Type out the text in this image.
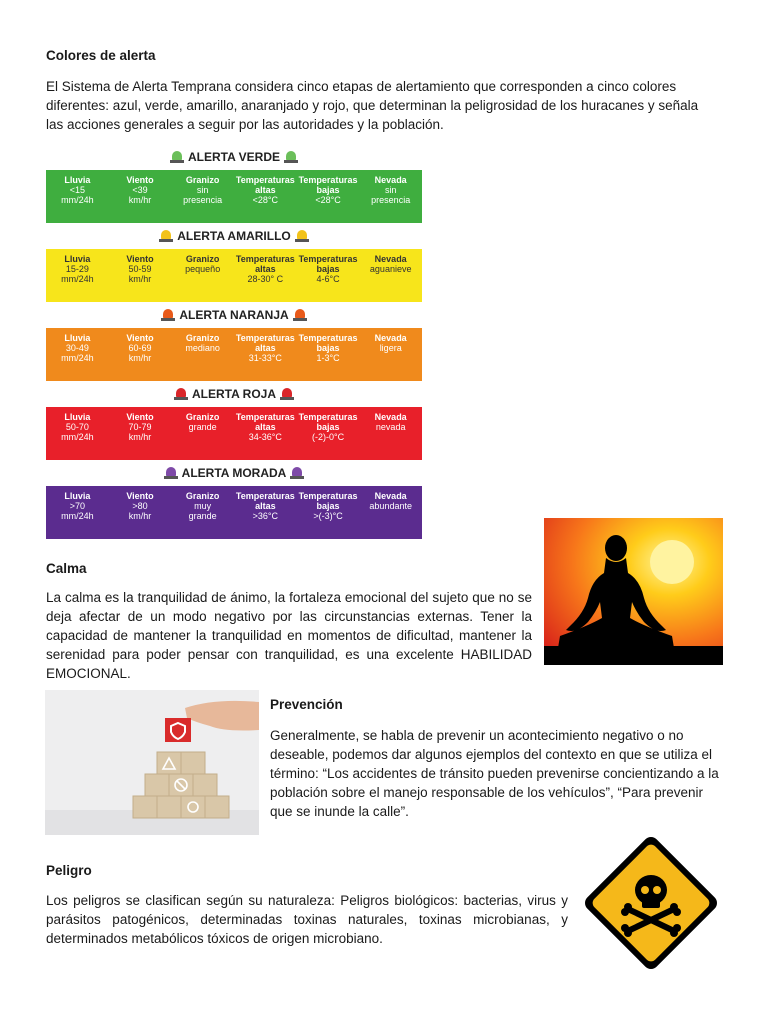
Colores de alerta
El Sistema de Alerta Temprana considera cinco etapas de alertamiento que corresponden a cinco colores diferentes: azul, verde, amarillo, anaranjado y rojo, que determinan la peligrosidad de los huracanes y señala las acciones generales a seguir por las autoridades y la población.
ALERTA VERDE
Lluvia
<15
mm/24h
Viento
<39
km/hr
Granizo
sin
presencia
Temperaturas
altas
<28°C
Temperaturas
bajas
<28°C
Nevada
sin
presencia
ALERTA AMARILLO
Lluvia
15-29
mm/24h
Viento
50-59
km/hr
Granizo
pequeño
Temperaturas
altas
28-30° C
Temperaturas
bajas
4-6°C
Nevada
aguanieve
ALERTA NARANJA
Lluvia
30-49
mm/24h
Viento
60-69
km/hr
Granizo
mediano
Temperaturas
altas
31-33°C
Temperaturas
bajas
1-3°C
Nevada
ligera
ALERTA ROJA
Lluvia
50-70
mm/24h
Viento
70-79
km/hr
Granizo
grande
Temperaturas
altas
34-36°C
Temperaturas
bajas
(-2)-0°C
Nevada
nevada
ALERTA MORADA
Lluvia
>70
mm/24h
Viento
>80
km/hr
Granizo
muy
grande
Temperaturas
altas
>36°C
Temperaturas
bajas
>(-3)°C
Nevada
abundante
Calma
La calma es la tranquilidad de ánimo, la fortaleza emocional del sujeto que no se deja afectar de un modo negativo por las circunstancias externas. Tener la capacidad de mantener la tranquilidad en momentos de dificultad, mantener la serenidad para poder pensar con tranquilidad, es una excelente HABILIDAD EMOCIONAL.
Prevención
Generalmente, se habla de prevenir un acontecimiento negativo o no deseable, podemos dar algunos ejemplos del contexto en que se utiliza el término: “Los accidentes de tránsito pueden prevenirse concientizando a la población sobre el manejo responsable de los vehículos”, “Para prevenir que se inunde la calle”.
Peligro
Los peligros se clasifican según su naturaleza: Peligros biológicos: bacterias, virus y parásitos patogénicos, determinadas toxinas naturales, toxinas microbianas, y determinados metabólicos tóxicos de origen microbiano.
